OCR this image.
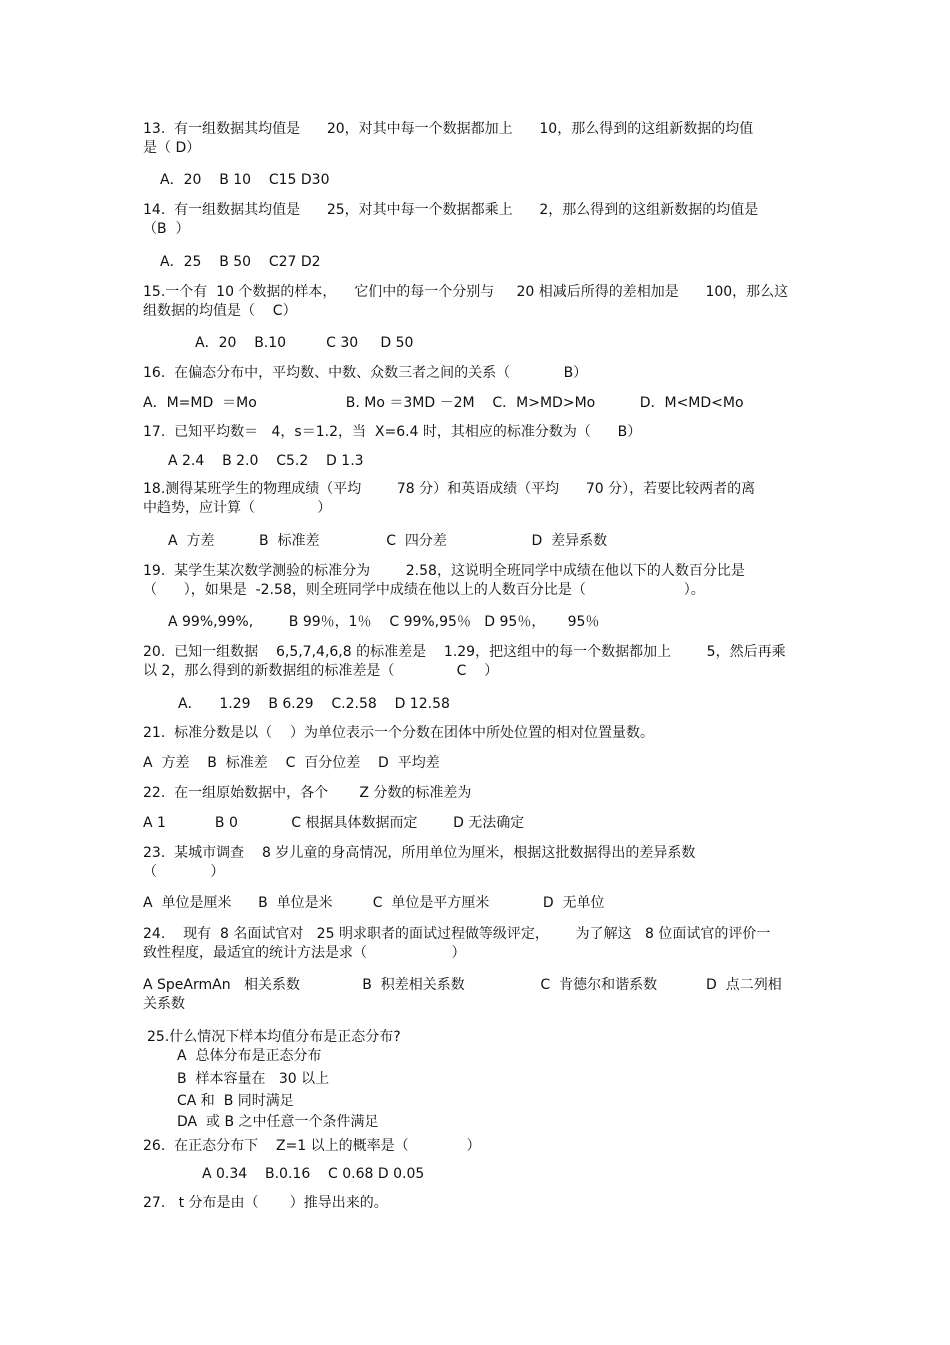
13.  有一组数据其均值是      20，对其中每一个数据都加上      10，那么得到的这组新数据的均值
是（ D）
A．20    B 10    C15 D30
14.  有一组数据其均值是      25，对其中每一个数据都乘上      2，那么得到的这组新数据的均值是
（B  ）
A．25    B 50    C27 D2
15.一个有  10 个数据的样本，    它们中的每一个分别与     20 相减后所得的差相加是      100，那么这
组数据的均值是（    C）
A．20    B.10         C 30     D 50
16.  在偏态分布中，平均数、中数、众数三者之间的关系（            B）
A．M=MD  ＝Mo                    B. Mo ＝3MD －2M    C．M>MD>Mo          D．M<MD<Mo
17.  已知平均数＝   4，s＝1.2，当  X=6.4 时，其相应的标准分数为（      B）
A 2.4    B 2.0    C5.2    D 1.3
18.测得某班学生的物理成绩（平均        78 分）和英语成绩（平均      70 分），若要比较两者的离
中趋势，应计算（              ）
A  方差          B  标准差               C  四分差                   D  差异系数
19.  某学生某次数学测验的标准分为        2.58，这说明全班同学中成绩在他以下的人数百分比是
（      ），如果是  -2.58，则全班同学中成绩在他以上的人数百分比是（                      ）。
A 99%,99%,        B 99％，1％    C 99%,95％   D 95％，     95％
20.  已知一组数据    6,5,7,4,6,8 的标准差是    1.29，把这组中的每一个数据都加上        5，然后再乘
以 2，那么得到的新数据组的标准差是（              C    ）
A．    1.29    B 6.29    C.2.58    D 12.58
21.  标准分数是以（    ）为单位表示一个分数在团体中所处位置的相对位置量数。
A  方差    B  标准差    C  百分位差    D  平均差
22.  在一组原始数据中，各个       Z 分数的标准差为
A 1           B 0            C 根据具体数据而定        D 无法确定
23.  某城市调查    8 岁儿童的身高情况，所用单位为厘米，根据这批数据得出的差异系数
（            ）
A  单位是厘米      B  单位是米         C  单位是平方厘米            D  无单位
24.    现有  8 名面试官对   25 明求职者的面试过程做等级评定，      为了解这   8 位面试官的评价一
致性程度，最适宜的统计方法是求（                   ）
A SpeArmAn   相关系数              B  积差相关系数                 C  肯德尔和谐系数           D  点二列相
关系数
25.什么情况下样本均值分布是正态分布?
A  总体分布是正态分布
B  样本容量在   30 以上
CA 和  B 同时满足
DA  或 B 之中任意一个条件满足
26.  在正态分布下    Z=1 以上的概率是（             ）
A 0.34    B.0.16    C 0.68 D 0.05
27.   t 分布是由（       ）推导出来的。
